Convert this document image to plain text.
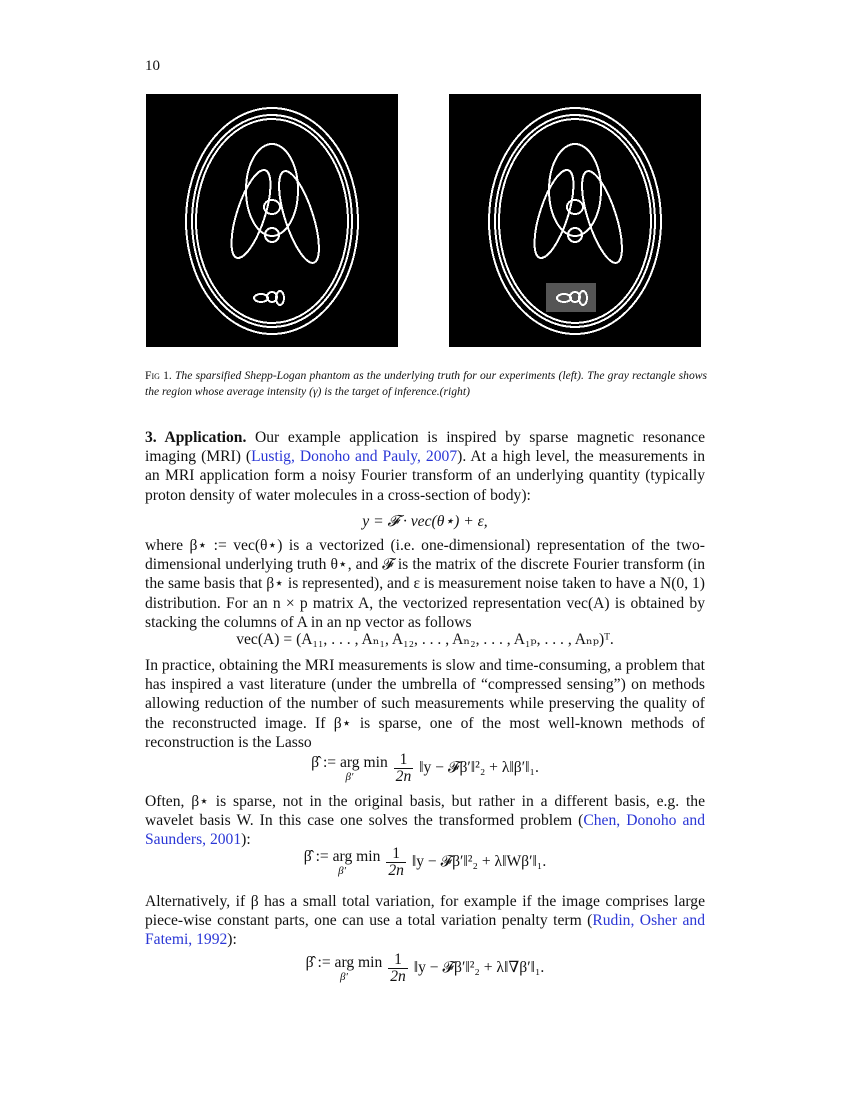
10
Fig 1. The sparsified Shepp-Logan phantom as the underlying truth for our experiments (left). The gray rectangle shows the region whose average intensity (γ) is the target of inference.(right)
3. Application. Our example application is inspired by sparse magnetic resonance imaging (MRI) (Lustig, Donoho and Pauly, 2007). At a high level, the measurements in an MRI application form a noisy Fourier transform of an underlying quantity (typically proton density of water molecules in a cross-section of body):
y = 𝓕 · vec(θ⋆) + ε,
where β⋆ := vec(θ⋆) is a vectorized (i.e. one-dimensional) representation of the two-dimensional underlying truth θ⋆, and 𝓕 is the matrix of the discrete Fourier transform (in the same basis that β⋆ is represented), and ε is measurement noise taken to have a N(0, 1) distribution. For an n × p matrix A, the vectorized representation vec(A) is obtained by stacking the columns of A in an np vector as follows
vec(A) = (A₁₁, . . . , Aₙ₁, A₁₂, . . . , Aₙ₂, . . . , A₁ₚ, . . . , Aₙₚ)ᵀ.
In practice, obtaining the MRI measurements is slow and time-consuming, a problem that has inspired a vast literature (under the umbrella of “compressed sensing”) on methods allowing reduction of the number of such measurements while preserving the quality of the reconstructed image. If β⋆ is sparse, one of the most well-known methods of reconstruction is the Lasso
β̂ := arg min
β′
	$\frac{1}{2n}$ ‖y − 𝓕β′‖²₂ + λ‖β′‖₁.
Often, β⋆ is sparse, not in the original basis, but rather in a different basis, e.g. the wavelet basis W. In this case one solves the transformed problem (Chen, Donoho and Saunders, 2001):
β̂ := arg min
β′
	$\frac{1}{2n}$ ‖y − 𝓕β′‖²₂ + λ‖Wβ′‖₁.
Alternatively, if β has a small total variation, for example if the image comprises large piece-wise constant parts, one can use a total variation penalty term (Rudin, Osher and Fatemi, 1992):
β̂ := arg min
β′
	$\frac{1}{2n}$ ‖y − 𝓕β′‖²₂ + λ‖∇β′‖₁.
